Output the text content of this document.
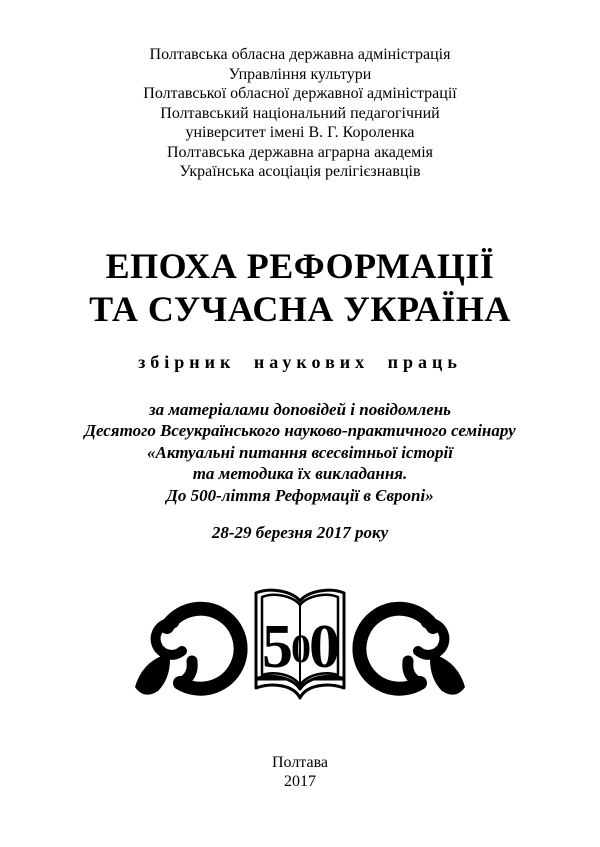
Полтавська обласна державна адміністрація
Управління культури
Полтавської обласної державної адміністрації
Полтавський національний педагогічний
університет імені В. Г. Короленка
Полтавська державна аграрна академія
Українська асоціація релігієзнавців
ЕПОХА РЕФОРМАЦІЇ
ТА СУЧАСНА УКРАЇНА
збірник наукових праць
за матеріалами доповідей і повідомлень
Десятого Всеукраїнського науково-практичного семінару
«Актуальні питання всесвітньої історії
та методика їх викладання.
До 500-ліття Реформації в Європі»
28-29 березня 2017 року
500
Полтава
2017
